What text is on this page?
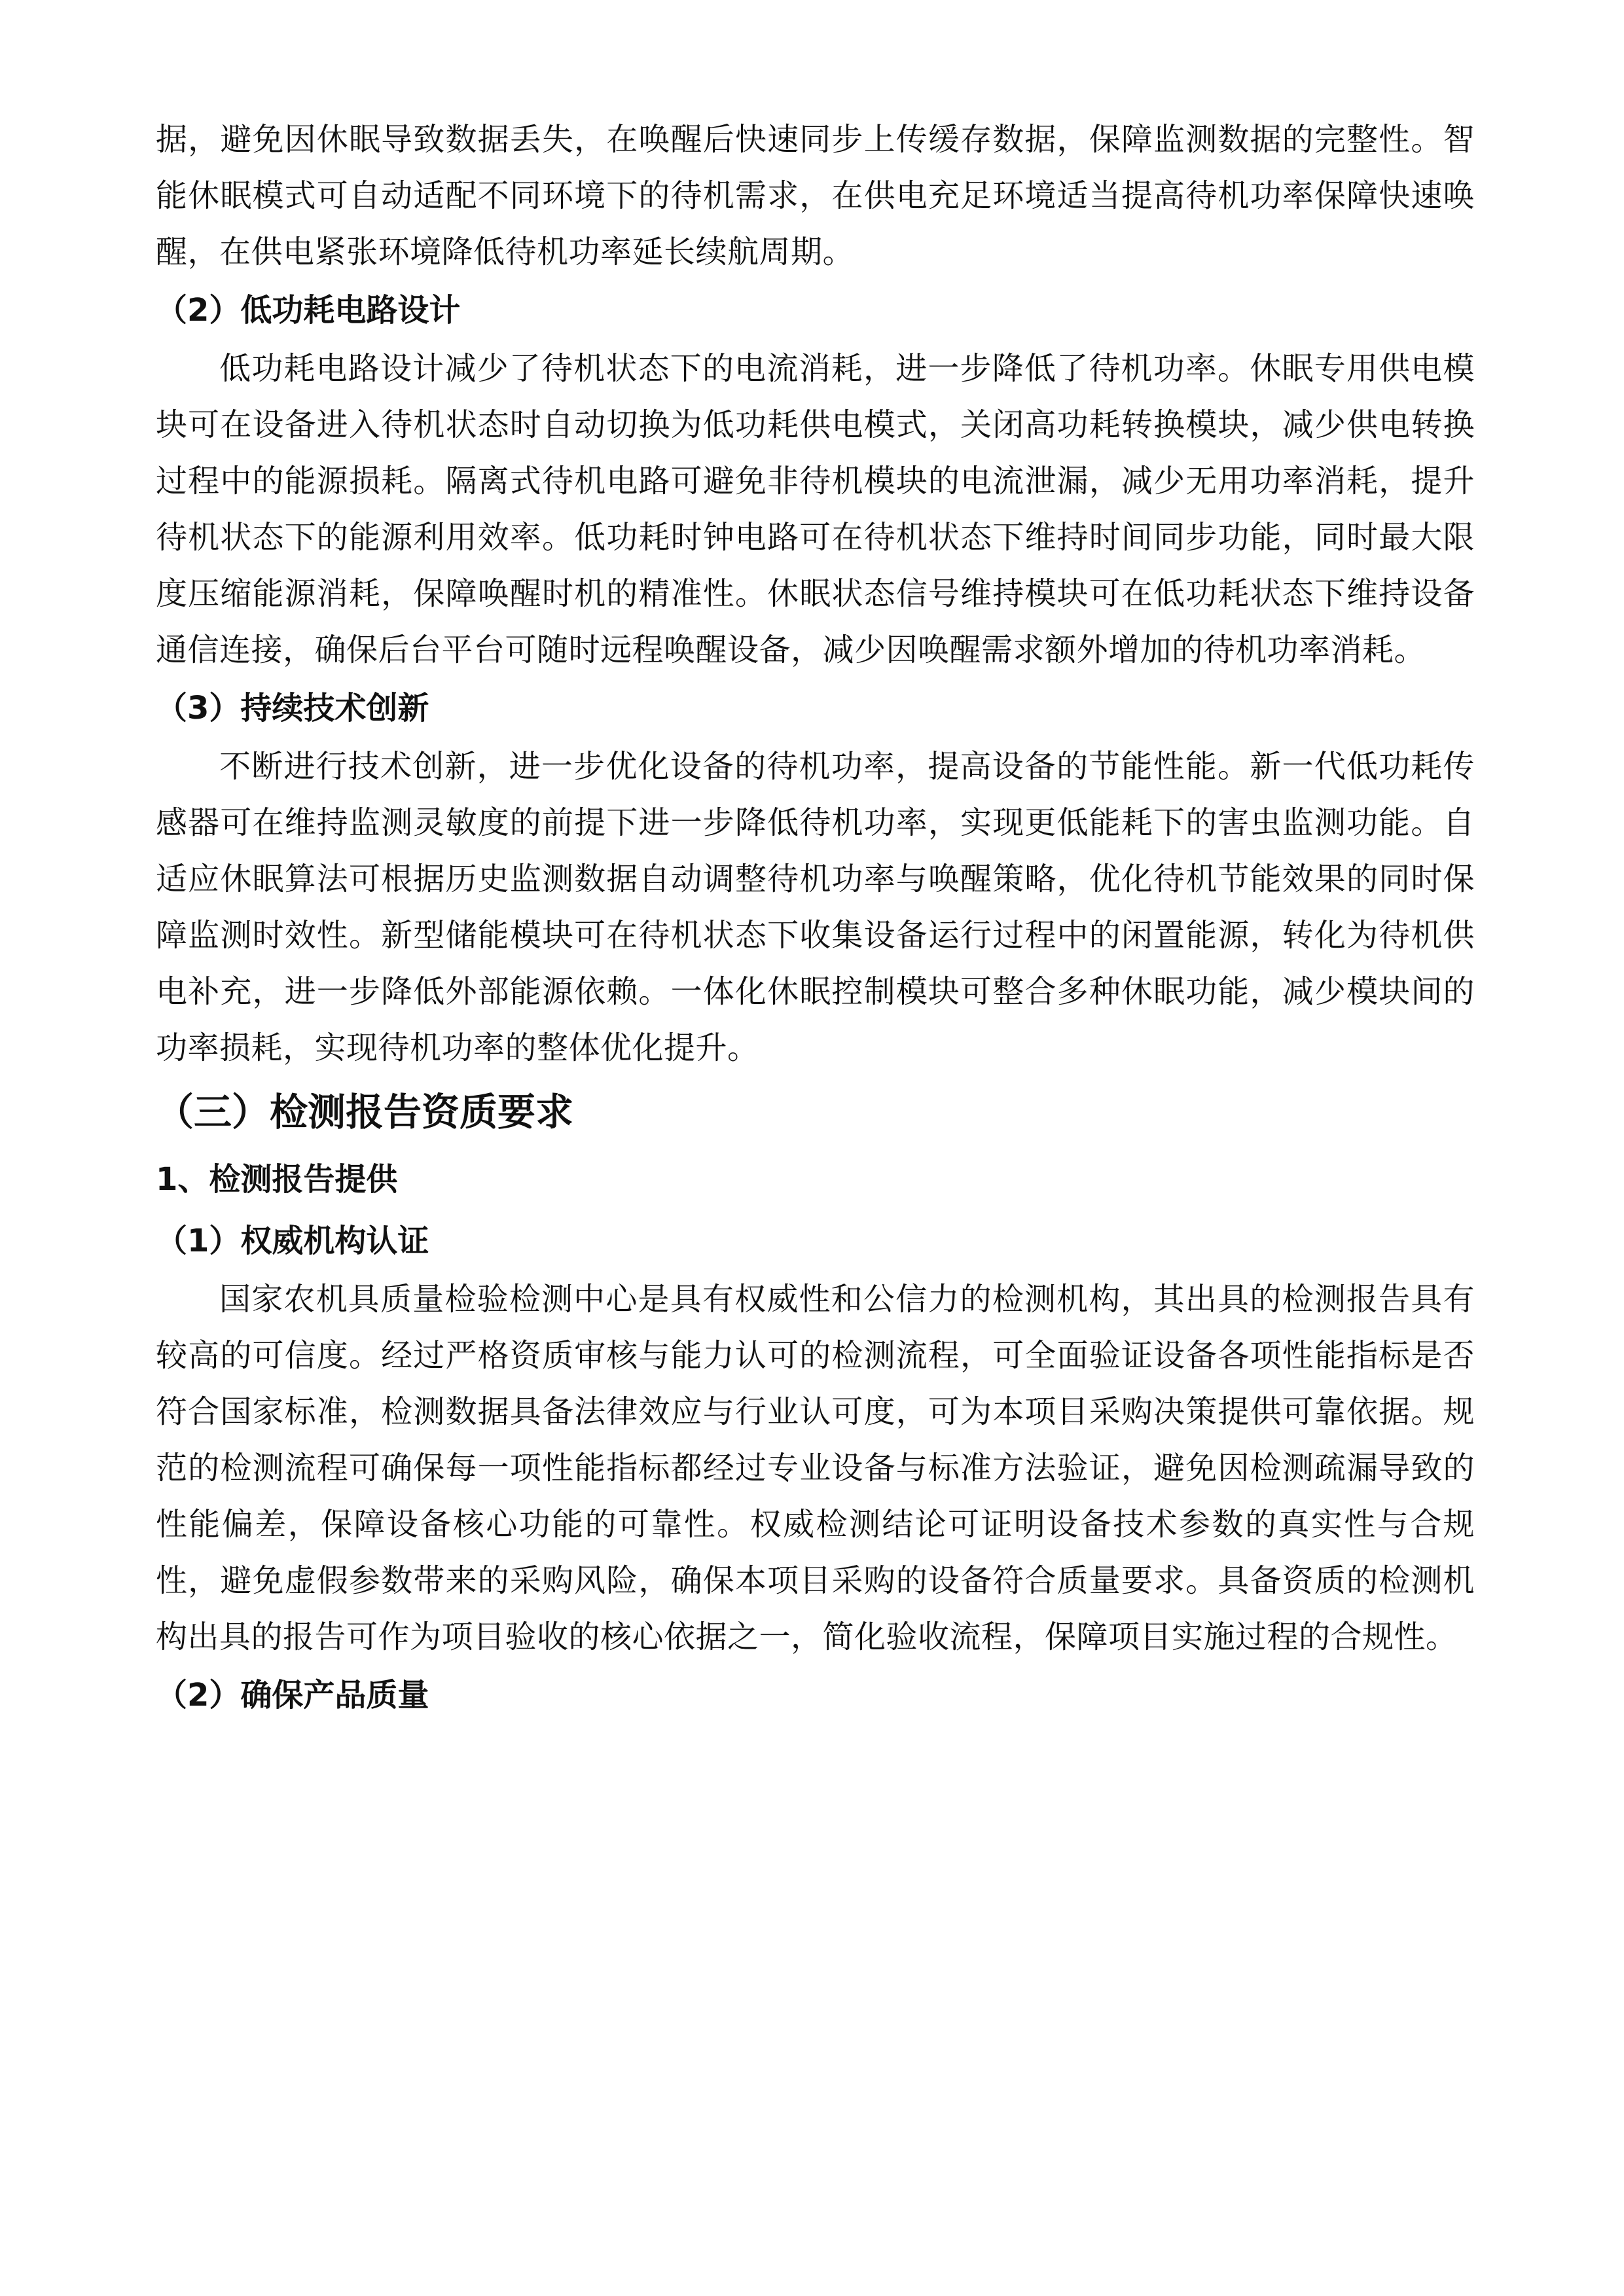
据，避免因休眠导致数据丢失，在唤醒后快速同步上传缓存数据，保障监测数据的完整性。智能休眠模式可自动适配不同环境下的待机需求，在供电充足环境适当提高待机功率保障快速唤醒，在供电紧张环境降低待机功率延长续航周期。

（2）低功耗电路设计

低功耗电路设计减少了待机状态下的电流消耗，进一步降低了待机功率。休眠专用供电模块可在设备进入待机状态时自动切换为低功耗供电模式，关闭高功耗转换模块，减少供电转换过程中的能源损耗。隔离式待机电路可避免非待机模块的电流泄漏，减少无用功率消耗，提升待机状态下的能源利用效率。低功耗时钟电路可在待机状态下维持时间同步功能，同时最大限度压缩能源消耗，保障唤醒时机的精准性。休眠状态信号维持模块可在低功耗状态下维持设备通信连接，确保后台平台可随时远程唤醒设备，减少因唤醒需求额外增加的待机功率消耗。

（3）持续技术创新

不断进行技术创新，进一步优化设备的待机功率，提高设备的节能性能。新一代低功耗传感器可在维持监测灵敏度的前提下进一步降低待机功率，实现更低能耗下的害虫监测功能。自适应休眠算法可根据历史监测数据自动调整待机功率与唤醒策略，优化待机节能效果的同时保障监测时效性。新型储能模块可在待机状态下收集设备运行过程中的闲置能源，转化为待机供电补充，进一步降低外部能源依赖。一体化休眠控制模块可整合多种休眠功能，减少模块间的功率损耗，实现待机功率的整体优化提升。

（三）检测报告资质要求

1、检测报告提供

（1）权威机构认证

国家农机具质量检验检测中心是具有权威性和公信力的检测机构，其出具的检测报告具有较高的可信度。经过严格资质审核与能力认可的检测流程，可全面验证设备各项性能指标是否符合国家标准，检测数据具备法律效应与行业认可度，可为本项目采购决策提供可靠依据。规范的检测流程可确保每一项性能指标都经过专业设备与标准方法验证，避免因检测疏漏导致的性能偏差，保障设备核心功能的可靠性。权威检测结论可证明设备技术参数的真实性与合规性，避免虚假参数带来的采购风险，确保本项目采购的设备符合质量要求。具备资质的检测机构出具的报告可作为项目验收的核心依据之一，简化验收流程，保障项目实施过程的合规性。

（2）确保产品质量
